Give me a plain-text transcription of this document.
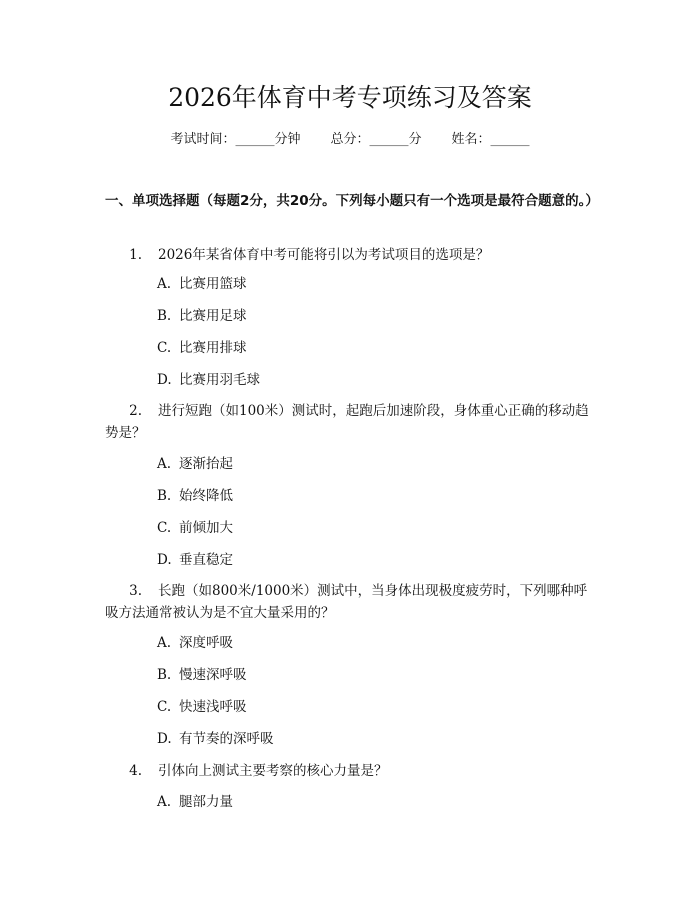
2026年体育中考专项练习及答案
考试时间：______分钟 总分：______分 姓名：______
一、单项选择题（每题2分，共20分。下列每小题只有一个选项是最符合题意的。）
1. 2026年某省体育中考可能将引以为考试项目的选项是？
A. 比赛用篮球
B. 比赛用足球
C. 比赛用排球
D. 比赛用羽毛球
2. 进行短跑（如100米）测试时，起跑后加速阶段，身体重心正确的移动趋势是？
A. 逐渐抬起
B. 始终降低
C. 前倾加大
D. 垂直稳定
3. 长跑（如800米/1000米）测试中，当身体出现极度疲劳时，下列哪种呼吸方法通常被认为是不宜大量采用的？
A. 深度呼吸
B. 慢速深呼吸
C. 快速浅呼吸
D. 有节奏的深呼吸
4. 引体向上测试主要考察的核心力量是？
A. 腿部力量
